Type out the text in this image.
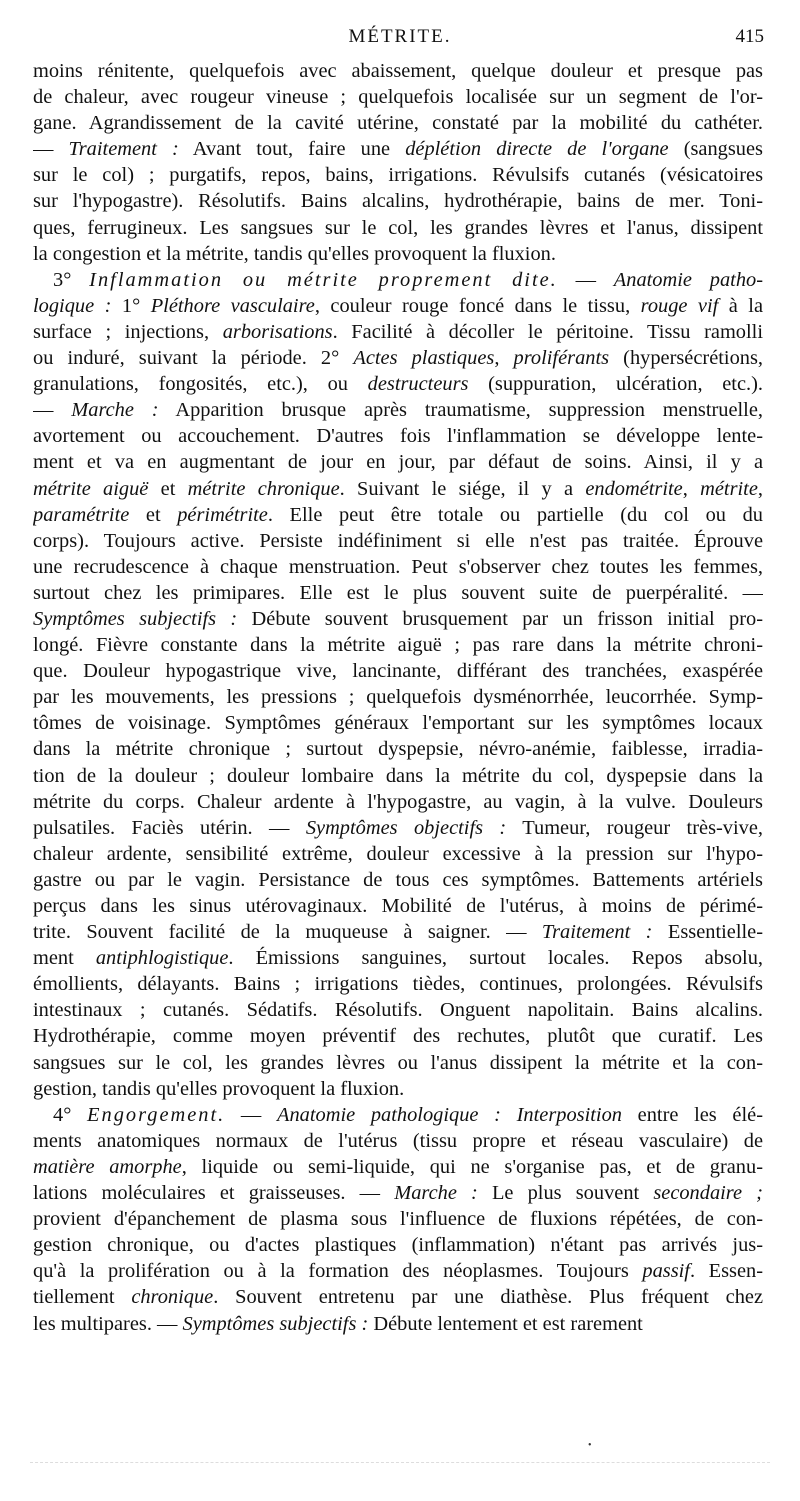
MÉTRITE.	415
moins rénitente, quelquefois avec abaissement, quelque douleur et presque pas
de chaleur, avec rougeur vineuse ; quelquefois localisée sur un segment de l'or-
gane. Agrandissement de la cavité utérine, constaté par la mobilité du cathéter.
— Traitement : Avant tout, faire une déplétion directe de l'organe (sangsues
sur le col) ; purgatifs, repos, bains, irrigations. Révulsifs cutanés (vésicatoires
sur l'hypogastre). Résolutifs. Bains alcalins, hydrothérapie, bains de mer. Toni-
ques, ferrugineux. Les sangsues sur le col, les grandes lèvres et l'anus, dissipent
la congestion et la métrite, tandis qu'elles provoquent la fluxion.
3° Inflammation ou métrite proprement dite. — Anatomie patho-
logique : 1° Pléthore vasculaire, couleur rouge foncé dans le tissu, rouge vif à la
surface ; injections, arborisations. Facilité à décoller le péritoine. Tissu ramolli
ou induré, suivant la période. 2° Actes plastiques, proliférants (hypersécrétions,
granulations, fongosités, etc.), ou destructeurs (suppuration, ulcération, etc.).
— Marche : Apparition brusque après traumatisme, suppression menstruelle,
avortement ou accouchement. D'autres fois l'inflammation se développe lente-
ment et va en augmentant de jour en jour, par défaut de soins. Ainsi, il y a
métrite aiguë et métrite chronique. Suivant le siége, il y a endométrite, métrite,
paramétrite et périmétrite. Elle peut être totale ou partielle (du col ou du
corps). Toujours active. Persiste indéfiniment si elle n'est pas traitée. Éprouve
une recrudescence à chaque menstruation. Peut s'observer chez toutes les femmes,
surtout chez les primipares. Elle est le plus souvent suite de puerpéralité. —
Symptômes subjectifs : Débute souvent brusquement par un frisson initial pro-
longé. Fièvre constante dans la métrite aiguë ; pas rare dans la métrite chroni-
que. Douleur hypogastrique vive, lancinante, différant des tranchées, exaspérée
par les mouvements, les pressions ; quelquefois dysménorrhée, leucorrhée. Symp-
tômes de voisinage. Symptômes généraux l'emportant sur les symptômes locaux
dans la métrite chronique ; surtout dyspepsie, névro-anémie, faiblesse, irradia-
tion de la douleur ; douleur lombaire dans la métrite du col, dyspepsie dans la
métrite du corps. Chaleur ardente à l'hypogastre, au vagin, à la vulve. Douleurs
pulsatiles. Faciès utérin. — Symptômes objectifs : Tumeur, rougeur très-vive,
chaleur ardente, sensibilité extrême, douleur excessive à la pression sur l'hypo-
gastre ou par le vagin. Persistance de tous ces symptômes. Battements artériels
perçus dans les sinus utérovaginaux. Mobilité de l'utérus, à moins de périmé-
trite. Souvent facilité de la muqueuse à saigner. — Traitement : Essentielle-
ment antiphlogistique. Émissions sanguines, surtout locales. Repos absolu,
émollients, délayants. Bains ; irrigations tièdes, continues, prolongées. Révulsifs
intestinaux ; cutanés. Sédatifs. Résolutifs. Onguent napolitain. Bains alcalins.
Hydrothérapie, comme moyen préventif des rechutes, plutôt que curatif. Les
sangsues sur le col, les grandes lèvres ou l'anus dissipent la métrite et la con-
gestion, tandis qu'elles provoquent la fluxion.
4° Engorgement. — Anatomie pathologique : Interposition entre les élé-
ments anatomiques normaux de l'utérus (tissu propre et réseau vasculaire) de
matière amorphe, liquide ou semi-liquide, qui ne s'organise pas, et de granu-
lations moléculaires et graisseuses. — Marche : Le plus souvent secondaire ;
provient d'épanchement de plasma sous l'influence de fluxions répétées, de con-
gestion chronique, ou d'actes plastiques (inflammation) n'étant pas arrivés jus-
qu'à la prolifération ou à la formation des néoplasmes. Toujours passif. Essen-
tiellement chronique. Souvent entretenu par une diathèse. Plus fréquent chez
les multipares. — Symptômes subjectifs : Débute lentement et est rarement
•
